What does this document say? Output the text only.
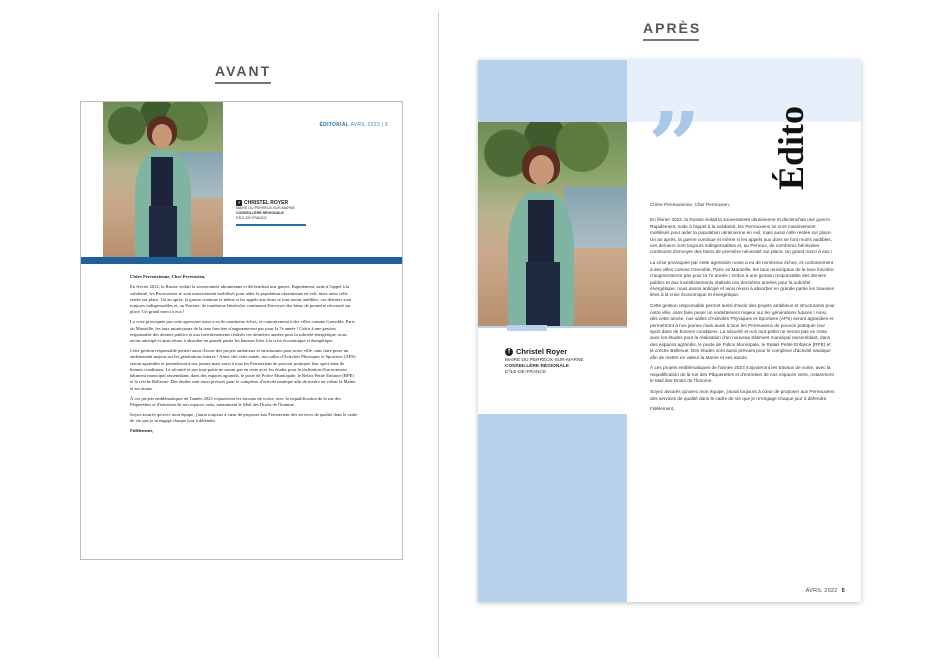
AVANT
APRÈS
ÉDITORIAL AVRIL 2023 | 5
f CHRISTEL ROYER
MAIRE DU PERREUX-SUR-MARNE
CONSEILLÈRE RÉGIONALE
D'ÎLE-DE-FRANCE

Chère Perreuxienne, Cher Perreuxien,

En février 2022, la Russie violait la souveraineté ukrainienne et déclenchait une guerre. Rapidement, suite à l'appel à la solidarité, les Perreuxiens se sont massivement mobilisés pour aider la population ukrainienne en exil, mais aussi celle restée sur place. Un an après, la guerre continue et même si les appels aux dons se font moins audibles, ces derniers sont toujours indispensables et, au Perreux, de nombreux bénévoles continuent d'envoyer des biens de première nécessité sur place. Un grand merci à eux !

La crise provoquée par cette agression russe a eu de nombreux échos, et contrairement à des villes comme Grenoble, Paris ou Marseille, les taux municipaux de la taxe foncière n'augmenteront pas pour la 7e année ! Grâce à une gestion responsable des deniers publics et aux investissements réalisés ces dernières années pour la sobriété énergétique, nous avons anticipé et ainsi réussi à absorber en grande partie les hausses liées à la crise économique et énergétique.

Cette gestion responsable permet aussi d'avoir des projets ambitieux et structurants pour notre ville, sans faire peser un endettement majeur sur les générations futures ! Ainsi, dès cette année, nos salles d'Activités Physiques et Sportives (APS) seront agrandies et permettront à nos jeunes mais aussi à tous les Perreuxiens de pouvoir pratiquer leur sport dans de bonnes conditions. La sécurité et nos tout-petits ne seront pas en reste avec les études pour la réalisation d'un nouveau bâtiment municipal rassemblant, dans des espaces agrandis, le poste de Police Municipale, le Relais Petite Enfance (RPE) et la crèche Bellevue. Des études sont aussi prévues pour le complexe d'activité nautique afin de mettre en valeur la Marne et ses atouts.

À ces projets emblématiques de l'année 2023 s'ajouteront les travaux de voirie, avec la requalification de la rue des Pâquerettes et d'entretien de nos espaces verts, notamment le Mail des Droits de l'homme.

Soyez assurés qu'avec mon équipe, j'aurai toujours à cœur de proposer aux Perreuxiens des services de qualité dans le cadre de vie que je m'engage chaque jour à défendre.

Fidèlement,

” Édito
f Christel Royer
MAIRE DU PERREUX-SUR-MARNE
CONSEILLÈRE RÉGIONALE
D'ÎLE-DE-FRANCE

Chère Perreuxienne, Cher Perreuxien,

En février 2022, la Russie violait la souveraineté ukrainienne et déclenchait une guerre. Rapidement, suite à l'appel à la solidarité, les Perreuxiens se sont massivement mobilisés pour aider la population ukrainienne en exil, mais aussi celle restée sur place. Un an après, la guerre continue et même si les appels aux dons se font moins audibles, ces derniers sont toujours indispensables et, au Perreux, de nombreux bénévoles continuent d'envoyer des biens de première nécessité sur place. Un grand merci à eux !

La crise provoquée par cette agression russe a eu de nombreux échos, et contrairement à des villes comme Grenoble, Paris ou Marseille, les taux municipaux de la taxe foncière n'augmenteront pas pour la 7e année ! Grâce à une gestion responsable des deniers publics et aux investissements réalisés ces dernières années pour la sobriété énergétique, nous avons anticipé et ainsi réussi à absorber en grande partie les hausses liées à la crise économique et énergétique.

Cette gestion responsable permet aussi d'avoir des projets ambitieux et structurants pour notre ville, sans faire peser un endettement majeur sur les générations futures ! Ainsi, dès cette année, nos salles d'Activités Physiques et Sportives (APS) seront agrandies et permettront à nos jeunes mais aussi à tous les Perreuxiens de pouvoir pratiquer leur sport dans de bonnes conditions. La sécurité et nos tout-petits ne seront pas en reste avec les études pour la réalisation d'un nouveau bâtiment municipal rassemblant, dans des espaces agrandis, le poste de Police Municipale, le Relais Petite Enfance (RPE) et la crèche Bellevue. Des études sont aussi prévues pour le complexe d'activité nautique afin de mettre en valeur la Marne et ses atouts.

À ces projets emblématiques de l'année 2023 s'ajouteront les travaux de voirie, avec la requalification de la rue des Pâquerettes et d'entretien de nos espaces verts, notamment le Mail des Droits de l'homme.

Soyez assurés qu'avec mon équipe, j'aurai toujours à cœur de proposer aux Perreuxiens des services de qualité dans le cadre de vie que je m'engage chaque jour à défendre.

Fidèlement,

AVRIL 2022 5
